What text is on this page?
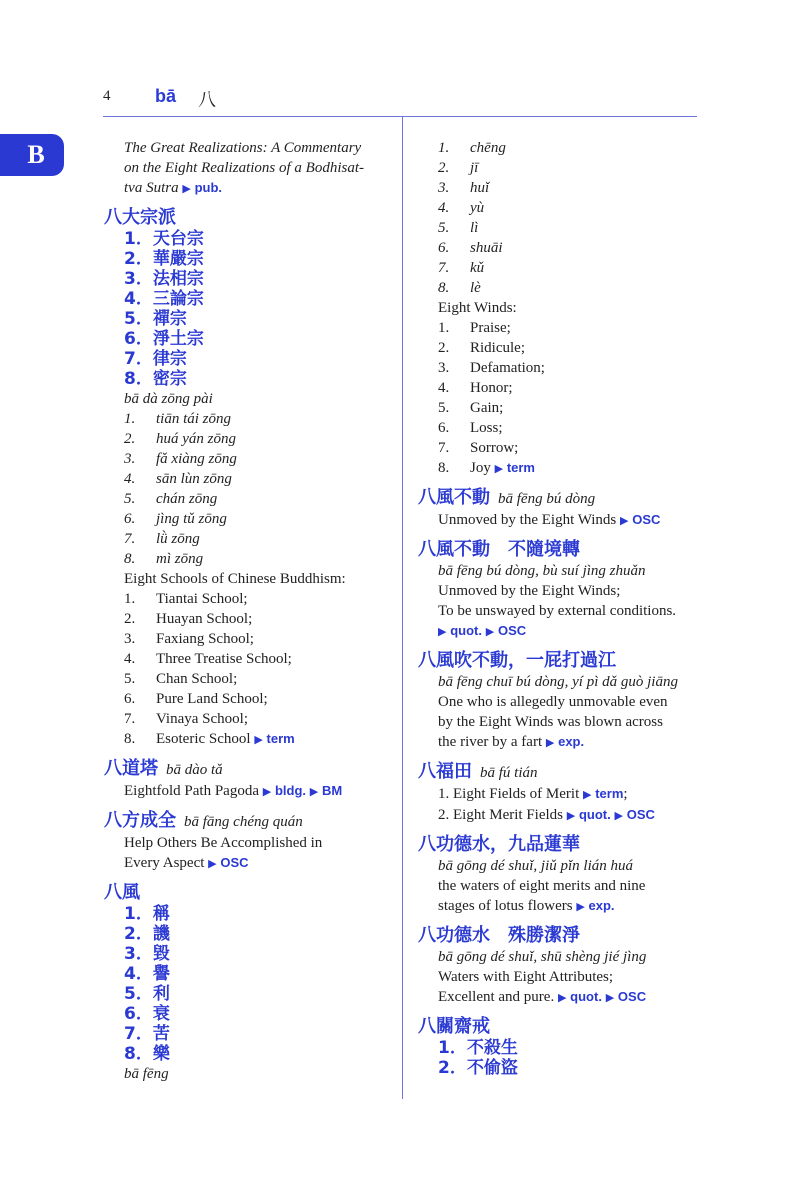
4 bā 八
B	The Great Realizations: A Commentary
on the Eight Realizations of a Bodhisat-
tva Sutra ▶ pub.
八大宗派
1．天台宗
2．華嚴宗
3．法相宗
4．三論宗
5．禪宗
6．淨土宗
7．律宗
8．密宗
bā dà zōng pài
1. tiān tái zōng
2. huá yán zōng
3. fǎ xiàng zōng
4. sān lùn zōng
5. chán zōng
6. jìng tǔ zōng
7. lǜ zōng
8. mì zōng
Eight Schools of Chinese Buddhism:
1. Tiantai School;
2. Huayan School;
3. Faxiang School;
4. Three Treatise School;
5. Chan School;
6. Pure Land School;
7. Vinaya School;
8. Esoteric School ▶ term
八道塔 bā dào tǎ
Eightfold Path Pagoda ▶ bldg. ▶ BM
八方成全 bā fāng chéng quán
Help Others Be Accomplished in
Every Aspect ▶ OSC
八風
1．稱
2．譏
3．毀
4．譽
5．利
6．衰
7．苦
8．樂
bā fēng
1. chēng
2. jī
3. huǐ
4. yù
5. lì
6. shuāi
7. kǔ
8. lè
Eight Winds:
1. Praise;
2. Ridicule;
3. Defamation;
4. Honor;
5. Gain;
6. Loss;
7. Sorrow;
8. Joy ▶ term
八風不動 bā fēng bú dòng
Unmoved by the Eight Winds ▶ OSC
八風不動　不隨境轉
bā fēng bú dòng, bù suí jìng zhuǎn
Unmoved by the Eight Winds;
To be unswayed by external conditions.
▶ quot. ▶ OSC
八風吹不動，一屁打過江
bā fēng chuī bú dòng, yí pì dǎ guò jiāng
One who is allegedly unmovable even
by the Eight Winds was blown across
the river by a fart ▶ exp.
八福田 bā fú tián
1. Eight Fields of Merit ▶ term;
2. Eight Merit Fields ▶ quot. ▶ OSC
八功德水，九品蓮華
bā gōng dé shuǐ, jiǔ pǐn lián huá
the waters of eight merits and nine
stages of lotus flowers ▶ exp.
八功德水　殊勝潔淨
bā gōng dé shuǐ, shū shèng jié jìng
Waters with Eight Attributes;
Excellent and pure. ▶ quot. ▶ OSC
八關齋戒
1．不殺生
2．不偷盜
